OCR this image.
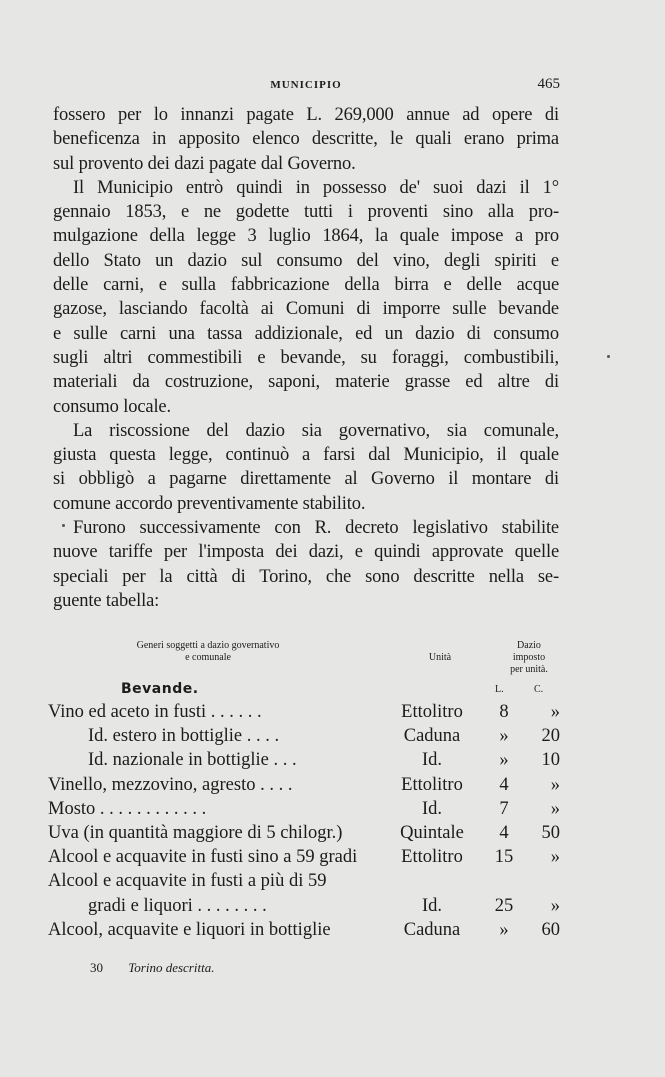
MUNICIPIO	465

fossero per lo innanzi pagate L. 269,000 annue ad opere di
beneficenza in apposito elenco descritte, le quali erano prima
sul provento dei dazi pagate dal Governo.

Il Municipio entrò quindi in possesso de' suoi dazi il 1°
gennaio 1853, e ne godette tutti i proventi sino alla pro-
mulgazione della legge 3 luglio 1864, la quale impose a pro
dello Stato un dazio sul consumo del vino, degli spiriti e
delle carni, e sulla fabbricazione della birra e delle acque
gazose, lasciando facoltà ai Comuni di imporre sulle bevande
e sulle carni una tassa addizionale, ed un dazio di consumo
sugli altri commestibili e bevande, su foraggi, combustibili,
materiali da costruzione, saponi, materie grasse ed altre di
consumo locale.

La riscossione del dazio sia governativo, sia comunale,
giusta questa legge, continuò a farsi dal Municipio, il quale
si obbligò a pagarne direttamente al Governo il montare di
comune accordo preventivamente stabilito.

Furono successivamente con R. decreto legislativo stabilite
nuove tariffe per l'imposta dei dazi, e quindi approvate quelle
speciali per la città di Torino, che sono descritte nella se-
guente tabella:

Generi soggetti a dazio governativo
e comunale	Unità
Dazio
imposto
per unità.
Bevande.	L.	C.
Vino ed aceto in fusti . . . . . .	Ettolitro	8	»
Id. estero in bottiglie . . . .	Caduna	»	20
Id. nazionale in bottiglie . . .	Id.	»	10
Vinello, mezzovino, agresto . . . .	Ettolitro	4	»
Mosto . . . . . . . . . . . .	Id.	7	»
Uva (in quantità maggiore di 5 chilogr.)	Quintale	4	50
Alcool e acquavite in fusti sino a 59 gradi	Ettolitro	15	»
Alcool e acquavite in fusti a più di 59
gradi e liquori . . . . . . . .	Id.	25	»
Alcool, acquavite e liquori in bottiglie	Caduna	»	60
30 Torino descritta.
